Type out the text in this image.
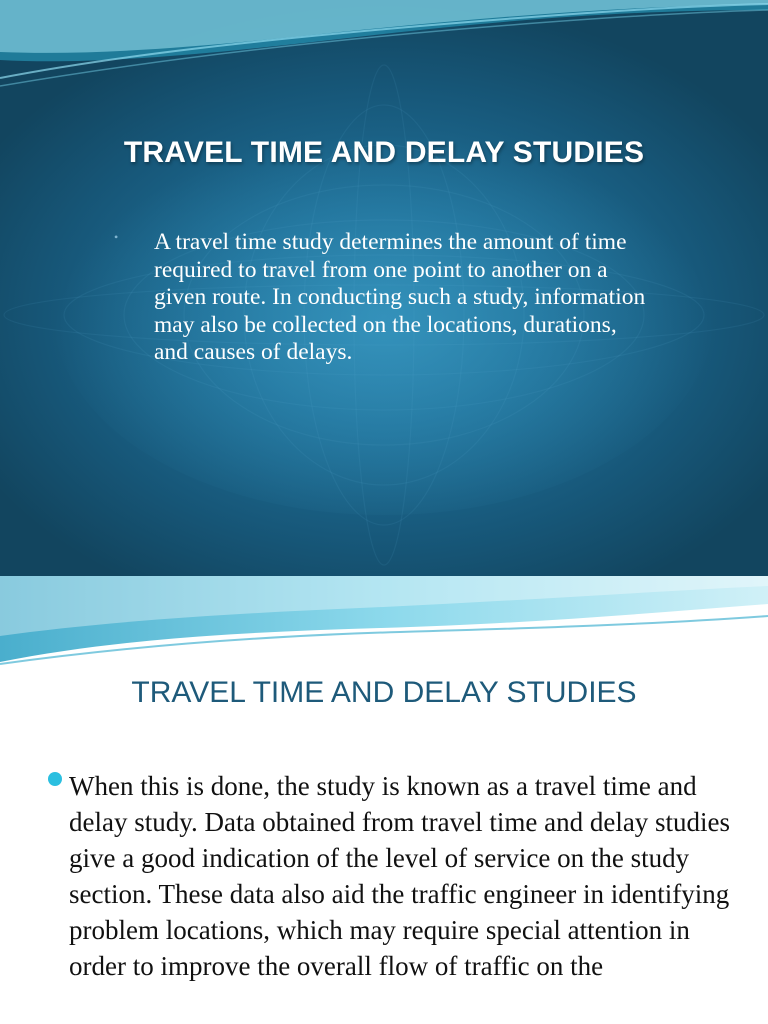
TRAVEL TIME AND DELAY STUDIES
•	A travel time study determines the amount of time required to travel from one point to another on a given route. In conducting such a study, information may also be collected on the locations, durations, and causes of delays.
TRAVEL TIME AND DELAY STUDIES
When this is done, the study is known as a travel time and delay study. Data obtained from travel time and delay studies give a good indication of the level of service on the study section. These data also aid the traffic engineer in identifying problem locations, which may require special attention in order to improve the overall flow of traffic on the
